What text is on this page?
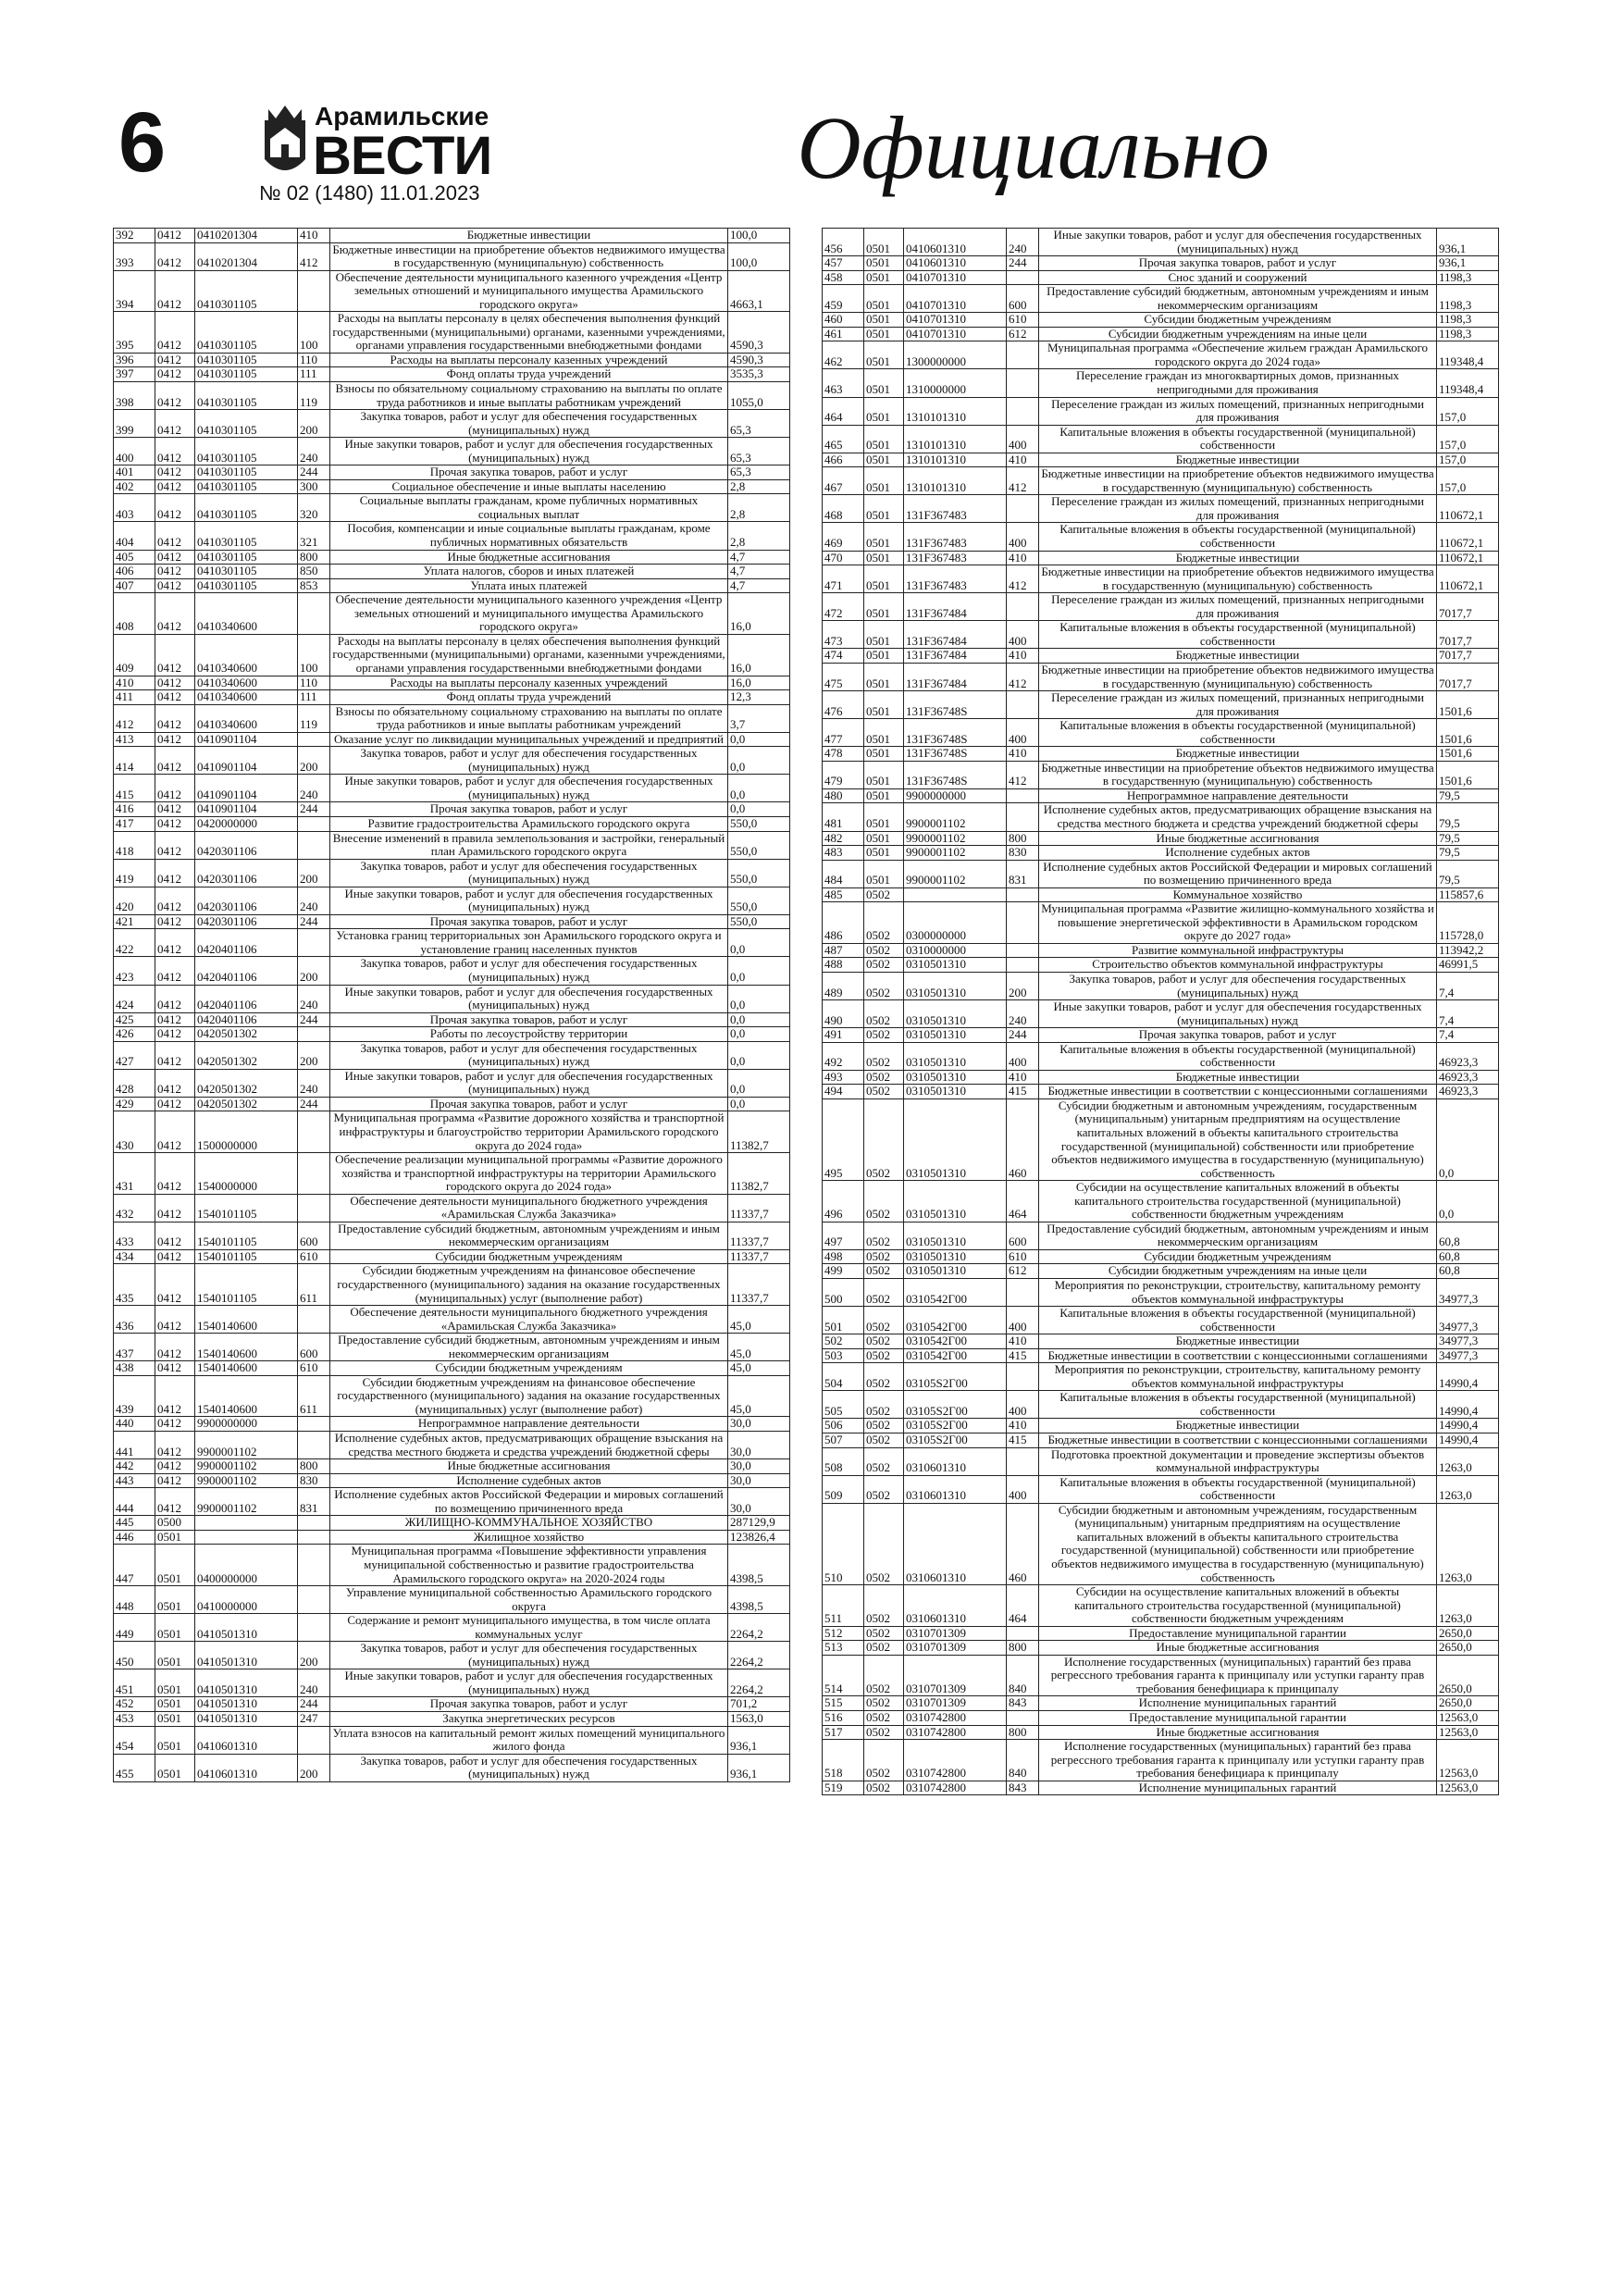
6	Арамильские
ВЕСТИ
№ 02 (1480) 11.01.2023	Официально
392	0412	0410201304	410	Бюджетные инвестиции	100,0
393	0412	0410201304	412	Бюджетные инвестиции на приобретение объектов недвижимого имущества в государственную (муниципальную) собственность	100,0
394	0412	0410301105		Обеспечение деятельности муниципального казенного учреждения «Центр земельных отношений и муниципального имущества Арамильского городского округа»	4663,1
395	0412	0410301105	100	Расходы на выплаты персоналу в целях обеспечения выполнения функций государственными (муниципальными) органами, казенными учреждениями, органами управления государственными внебюджетными фондами	4590,3
396	0412	0410301105	110	Расходы на выплаты персоналу казенных учреждений	4590,3
397	0412	0410301105	111	Фонд оплаты труда учреждений	3535,3
398	0412	0410301105	119	Взносы по обязательному социальному страхованию на выплаты по оплате труда работников и иные выплаты работникам учреждений	1055,0
399	0412	0410301105	200	Закупка товаров, работ и услуг для обеспечения государственных (муниципальных) нужд	65,3
400	0412	0410301105	240	Иные закупки товаров, работ и услуг для обеспечения государственных (муниципальных) нужд	65,3
401	0412	0410301105	244	Прочая закупка товаров, работ и услуг	65,3
402	0412	0410301105	300	Социальное обеспечение и иные выплаты населению	2,8
403	0412	0410301105	320	Социальные выплаты гражданам, кроме публичных нормативных социальных выплат	2,8
404	0412	0410301105	321	Пособия, компенсации и иные социальные выплаты гражданам, кроме публичных нормативных обязательств	2,8
405	0412	0410301105	800	Иные бюджетные ассигнования	4,7
406	0412	0410301105	850	Уплата налогов, сборов и иных платежей	4,7
407	0412	0410301105	853	Уплата иных платежей	4,7
408	0412	0410340600		Обеспечение деятельности муниципального казенного учреждения «Центр земельных отношений и муниципального имущества Арамильского городского округа»	16,0
409	0412	0410340600	100	Расходы на выплаты персоналу в целях обеспечения выполнения функций государственными (муниципальными) органами, казенными учреждениями, органами управления государственными внебюджетными фондами	16,0
410	0412	0410340600	110	Расходы на выплаты персоналу казенных учреждений	16,0
411	0412	0410340600	111	Фонд оплаты труда учреждений	12,3
412	0412	0410340600	119	Взносы по обязательному социальному страхованию на выплаты по оплате труда работников и иные выплаты работникам учреждений	3,7
413	0412	0410901104		Оказание услуг по ликвидации муниципальных учреждений и предприятий	0,0
414	0412	0410901104	200	Закупка товаров, работ и услуг для обеспечения государственных (муниципальных) нужд	0,0
415	0412	0410901104	240	Иные закупки товаров, работ и услуг для обеспечения государственных (муниципальных) нужд	0,0
416	0412	0410901104	244	Прочая закупка товаров, работ и услуг	0,0
417	0412	0420000000		Развитие градостроительства Арамильского городского округа	550,0
418	0412	0420301106		Внесение изменений в правила землепользования и застройки, генеральный план Арамильского городского округа	550,0
419	0412	0420301106	200	Закупка товаров, работ и услуг для обеспечения государственных (муниципальных) нужд	550,0
420	0412	0420301106	240	Иные закупки товаров, работ и услуг для обеспечения государственных (муниципальных) нужд	550,0
421	0412	0420301106	244	Прочая закупка товаров, работ и услуг	550,0
422	0412	0420401106		Установка границ территориальных зон Арамильского городского округа и установление границ населенных пунктов	0,0
423	0412	0420401106	200	Закупка товаров, работ и услуг для обеспечения государственных (муниципальных) нужд	0,0
424	0412	0420401106	240	Иные закупки товаров, работ и услуг для обеспечения государственных (муниципальных) нужд	0,0
425	0412	0420401106	244	Прочая закупка товаров, работ и услуг	0,0
426	0412	0420501302		Работы по лесоустройству территории	0,0
427	0412	0420501302	200	Закупка товаров, работ и услуг для обеспечения государственных (муниципальных) нужд	0,0
428	0412	0420501302	240	Иные закупки товаров, работ и услуг для обеспечения государственных (муниципальных) нужд	0,0
429	0412	0420501302	244	Прочая закупка товаров, работ и услуг	0,0
430	0412	1500000000		Муниципальная программа «Развитие дорожного хозяйства и транспортной инфраструктуры и благоустройство территории Арамильского городского округа до 2024 года»	11382,7
431	0412	1540000000		Обеспечение реализации муниципальной программы «Развитие дорожного хозяйства и транспортной инфраструктуры на территории Арамильского городского округа до 2024 года»	11382,7
432	0412	1540101105		Обеспечение деятельности муниципального бюджетного учреждения «Арамильская Служба Заказчика»	11337,7
433	0412	1540101105	600	Предоставление субсидий бюджетным, автономным учреждениям и иным некоммерческим организациям	11337,7
434	0412	1540101105	610	Субсидии бюджетным учреждениям	11337,7
435	0412	1540101105	611	Субсидии бюджетным учреждениям на финансовое обеспечение государственного (муниципального) задания на оказание государственных (муниципальных) услуг (выполнение работ)	11337,7
436	0412	1540140600		Обеспечение деятельности муниципального бюджетного учреждения «Арамильская Служба Заказчика»	45,0
437	0412	1540140600	600	Предоставление субсидий бюджетным, автономным учреждениям и иным некоммерческим организациям	45,0
438	0412	1540140600	610	Субсидии бюджетным учреждениям	45,0
439	0412	1540140600	611	Субсидии бюджетным учреждениям на финансовое обеспечение государственного (муниципального) задания на оказание государственных (муниципальных) услуг (выполнение работ)	45,0
440	0412	9900000000		Непрограммное направление деятельности	30,0
441	0412	9900001102		Исполнение судебных актов, предусматривающих обращение взыскания на средства местного бюджета и средства учреждений бюджетной сферы	30,0
442	0412	9900001102	800	Иные бюджетные ассигнования	30,0
443	0412	9900001102	830	Исполнение судебных актов	30,0
444	0412	9900001102	831	Исполнение судебных актов Российской Федерации и мировых соглашений по возмещению причиненного вреда	30,0
445	0500			ЖИЛИЩНО-КОММУНАЛЬНОЕ ХОЗЯЙСТВО	287129,9
446	0501			Жилищное хозяйство	123826,4
447	0501	0400000000		Муниципальная программа «Повышение эффективности управления муниципальной собственностью и развитие градостроительства Арамильского городского округа» на 2020-2024 годы	4398,5
448	0501	0410000000		Управление муниципальной собственностью Арамильского городского округа	4398,5
449	0501	0410501310		Содержание и ремонт муниципального имущества, в том числе оплата коммунальных услуг	2264,2
450	0501	0410501310	200	Закупка товаров, работ и услуг для обеспечения государственных (муниципальных) нужд	2264,2
451	0501	0410501310	240	Иные закупки товаров, работ и услуг для обеспечения государственных (муниципальных) нужд	2264,2
452	0501	0410501310	244	Прочая закупка товаров, работ и услуг	701,2
453	0501	0410501310	247	Закупка энергетических ресурсов	1563,0
454	0501	0410601310		Уплата взносов на капитальный ремонт жилых помещений муниципального жилого фонда	936,1
455	0501	0410601310	200	Закупка товаров, работ и услуг для обеспечения государственных (муниципальных) нужд	936,1
456	0501	0410601310	240	Иные закупки товаров, работ и услуг для обеспечения государственных (муниципальных) нужд	936,1
457	0501	0410601310	244	Прочая закупка товаров, работ и услуг	936,1
458	0501	0410701310		Снос зданий и сооружений	1198,3
459	0501	0410701310	600	Предоставление субсидий бюджетным, автономным учреждениям и иным некоммерческим организациям	1198,3
460	0501	0410701310	610	Субсидии бюджетным учреждениям	1198,3
461	0501	0410701310	612	Субсидии бюджетным учреждениям на иные цели	1198,3
462	0501	1300000000		Муниципальная программа «Обеспечение жильем граждан Арамильского городского округа до 2024 года»	119348,4
463	0501	1310000000		Переселение граждан из многоквартирных домов, признанных непригодными для проживания	119348,4
464	0501	1310101310		Переселение граждан из жилых помещений, признанных непригодными для проживания	157,0
465	0501	1310101310	400	Капитальные вложения в объекты государственной (муниципальной) собственности	157,0
466	0501	1310101310	410	Бюджетные инвестиции	157,0
467	0501	1310101310	412	Бюджетные инвестиции на приобретение объектов недвижимого имущества в государственную (муниципальную) собственность	157,0
468	0501	131F367483		Переселение граждан из жилых помещений, признанных непригодными для проживания	110672,1
469	0501	131F367483	400	Капитальные вложения в объекты государственной (муниципальной) собственности	110672,1
470	0501	131F367483	410	Бюджетные инвестиции	110672,1
471	0501	131F367483	412	Бюджетные инвестиции на приобретение объектов недвижимого имущества в государственную (муниципальную) собственность	110672,1
472	0501	131F367484		Переселение граждан из жилых помещений, признанных непригодными для проживания	7017,7
473	0501	131F367484	400	Капитальные вложения в объекты государственной (муниципальной) собственности	7017,7
474	0501	131F367484	410	Бюджетные инвестиции	7017,7
475	0501	131F367484	412	Бюджетные инвестиции на приобретение объектов недвижимого имущества в государственную (муниципальную) собственность	7017,7
476	0501	131F36748S		Переселение граждан из жилых помещений, признанных непригодными для проживания	1501,6
477	0501	131F36748S	400	Капитальные вложения в объекты государственной (муниципальной) собственности	1501,6
478	0501	131F36748S	410	Бюджетные инвестиции	1501,6
479	0501	131F36748S	412	Бюджетные инвестиции на приобретение объектов недвижимого имущества в государственную (муниципальную) собственность	1501,6
480	0501	9900000000		Непрограммное направление деятельности	79,5
481	0501	9900001102		Исполнение судебных актов, предусматривающих обращение взыскания на средства местного бюджета и средства учреждений бюджетной сферы	79,5
482	0501	9900001102	800	Иные бюджетные ассигнования	79,5
483	0501	9900001102	830	Исполнение судебных актов	79,5
484	0501	9900001102	831	Исполнение судебных актов Российской Федерации и мировых соглашений по возмещению причиненного вреда	79,5
485	0502			Коммунальное хозяйство	115857,6
486	0502	0300000000		Муниципальная программа «Развитие жилищно-коммунального хозяйства и повышение энергетической эффективности в Арамильском городском округе до 2027 года»	115728,0
487	0502	0310000000		Развитие коммунальной инфраструктуры	113942,2
488	0502	0310501310		Строительство объектов коммунальной инфраструктуры	46991,5
489	0502	0310501310	200	Закупка товаров, работ и услуг для обеспечения государственных (муниципальных) нужд	7,4
490	0502	0310501310	240	Иные закупки товаров, работ и услуг для обеспечения государственных (муниципальных) нужд	7,4
491	0502	0310501310	244	Прочая закупка товаров, работ и услуг	7,4
492	0502	0310501310	400	Капитальные вложения в объекты государственной (муниципальной) собственности	46923,3
493	0502	0310501310	410	Бюджетные инвестиции	46923,3
494	0502	0310501310	415	Бюджетные инвестиции в соответствии с концессионными соглашениями	46923,3
495	0502	0310501310	460	Субсидии бюджетным и автономным учреждениям, государственным (муниципальным) унитарным предприятиям на осуществление капитальных вложений в объекты капитального строительства государственной (муниципальной) собственности или приобретение объектов недвижимого имущества в государственную (муниципальную) собственность	0,0
496	0502	0310501310	464	Субсидии на осуществление капитальных вложений в объекты капитального строительства государственной (муниципальной) собственности бюджетным учреждениям	0,0
497	0502	0310501310	600	Предоставление субсидий бюджетным, автономным учреждениям и иным некоммерческим организациям	60,8
498	0502	0310501310	610	Субсидии бюджетным учреждениям	60,8
499	0502	0310501310	612	Субсидии бюджетным учреждениям на иные цели	60,8
500	0502	0310542Г00		Мероприятия по реконструкции, строительству, капитальному ремонту объектов коммунальной инфраструктуры	34977,3
501	0502	0310542Г00	400	Капитальные вложения в объекты государственной (муниципальной) собственности	34977,3
502	0502	0310542Г00	410	Бюджетные инвестиции	34977,3
503	0502	0310542Г00	415	Бюджетные инвестиции в соответствии с концессионными соглашениями	34977,3
504	0502	03105S2Г00		Мероприятия по реконструкции, строительству, капитальному ремонту объектов коммунальной инфраструктуры	14990,4
505	0502	03105S2Г00	400	Капитальные вложения в объекты государственной (муниципальной) собственности	14990,4
506	0502	03105S2Г00	410	Бюджетные инвестиции	14990,4
507	0502	03105S2Г00	415	Бюджетные инвестиции в соответствии с концессионными соглашениями	14990,4
508	0502	0310601310		Подготовка проектной документации и проведение экспертизы объектов коммунальной инфраструктуры	1263,0
509	0502	0310601310	400	Капитальные вложения в объекты государственной (муниципальной) собственности	1263,0
510	0502	0310601310	460	Субсидии бюджетным и автономным учреждениям, государственным (муниципальным) унитарным предприятиям на осуществление капитальных вложений в объекты капитального строительства государственной (муниципальной) собственности или приобретение объектов недвижимого имущества в государственную (муниципальную) собственность	1263,0
511	0502	0310601310	464	Субсидии на осуществление капитальных вложений в объекты капитального строительства государственной (муниципальной) собственности бюджетным учреждениям	1263,0
512	0502	0310701309		Предоставление муниципальной гарантии	2650,0
513	0502	0310701309	800	Иные бюджетные ассигнования	2650,0
514	0502	0310701309	840	Исполнение государственных (муниципальных) гарантий без права регрессного требования гаранта к принципалу или уступки гаранту прав требования бенефициара к принципалу	2650,0
515	0502	0310701309	843	Исполнение муниципальных гарантий	2650,0
516	0502	0310742800		Предоставление муниципальной гарантии	12563,0
517	0502	0310742800	800	Иные бюджетные ассигнования	12563,0
518	0502	0310742800	840	Исполнение государственных (муниципальных) гарантий без права регрессного требования гаранта к принципалу или уступки гаранту прав требования бенефициара к принципалу	12563,0
519	0502	0310742800	843	Исполнение муниципальных гарантий	12563,0
